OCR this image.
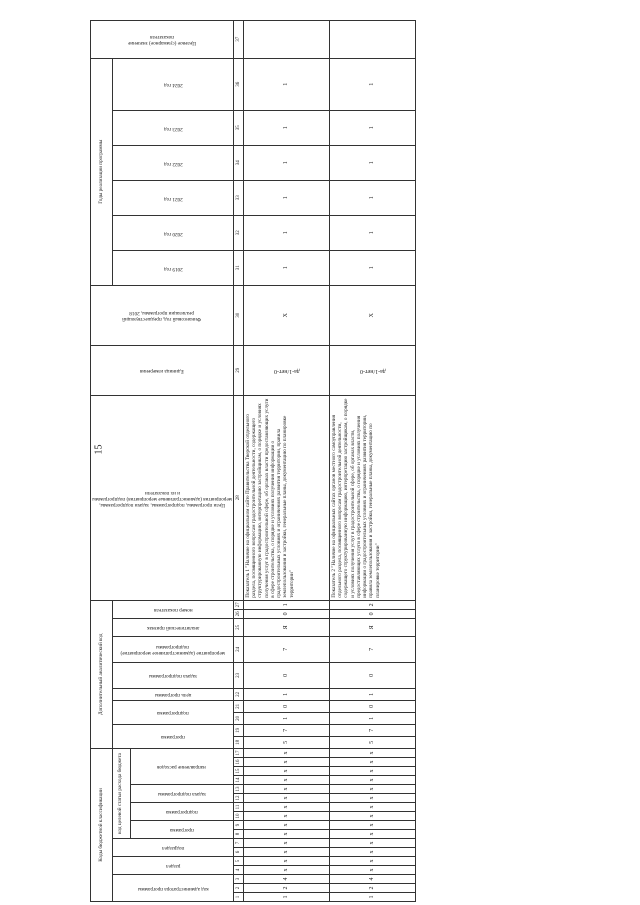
15
Коды бюджетной классификации																	Дополнительный аналитический код										Цели программы, подпрограммы, задачи подпрограммы, мероприятия (административные мероприятия) подпрограммы и их показатели	Единица измерения	Финансовый год, предшествующий реализации программы, 2018	Годы реализации программы						Целевое (суммарное) значение показателя

код администратора программы			раздел		подраздел		код целевой статьи расхода бюджета										программа		подпрограмма		цель программы	задача подпрограммы	мероприятие (административное мероприятие) подпрограммы	аналитический признак	номер показателя					2019 год	2020 год	2021 год	2022 год	2023 год	2024 год	

							программа		подпрограмма		задача подпрограммы		направление расходов																							

1	2	3	4	5	6	7	8	9	10	11	12	13	14	15	16	17	18	19	20	21	22	23	24	25	26	27	28	29	30	31	32	33	34	35	36	37
1	2	4	x	x	x	x	x	x	x	x	x	x	x	x	x	x	5	7	1	0	1	0	7	Я	0	1	Показатель 1 "Наличие на официальном сайте Правительства Тверской отдельного раздела, посвященного вопросам градостроительной деятельности, содержащего структурированную информацию, интерпретацию застройщикам, о порядке и условиях получения услуг в градостроительной сфере, об органах власти предоставляющих услуги в сфере строительства, о порядке и условиях получения информации о градостроительных условиях и ограничениях развития территории, правила землепользования и застройки, генеральные планы, документацию по планировке территории"	да-1/нет-0	Х	1	1	1	1	1	1	
1	2	4	x	x	x	x	x	x	x	x	x	x	x	x	x	x	5	7	1	0	1	0	7	Я	0	2	Показатель 2 "Наличие на официальных сайтах органов местного самоуправления отдельного раздела, посвященного вопросам градостроительной деятельности, содержащего структурированную информацию, интерпретацию застройщикам, о порядке и условиях получения услуг в градостроительной сфере, об органах власти, предоставляющих услуги в сфере строительства, о порядке и условиях получения информации о градостроительных условиях и ограничениях развития территории, правила землепользования и застройки, генеральные планы, документацию по планировке территории"	да-1/нет-0	Х	1	1	1	1	1	1	
